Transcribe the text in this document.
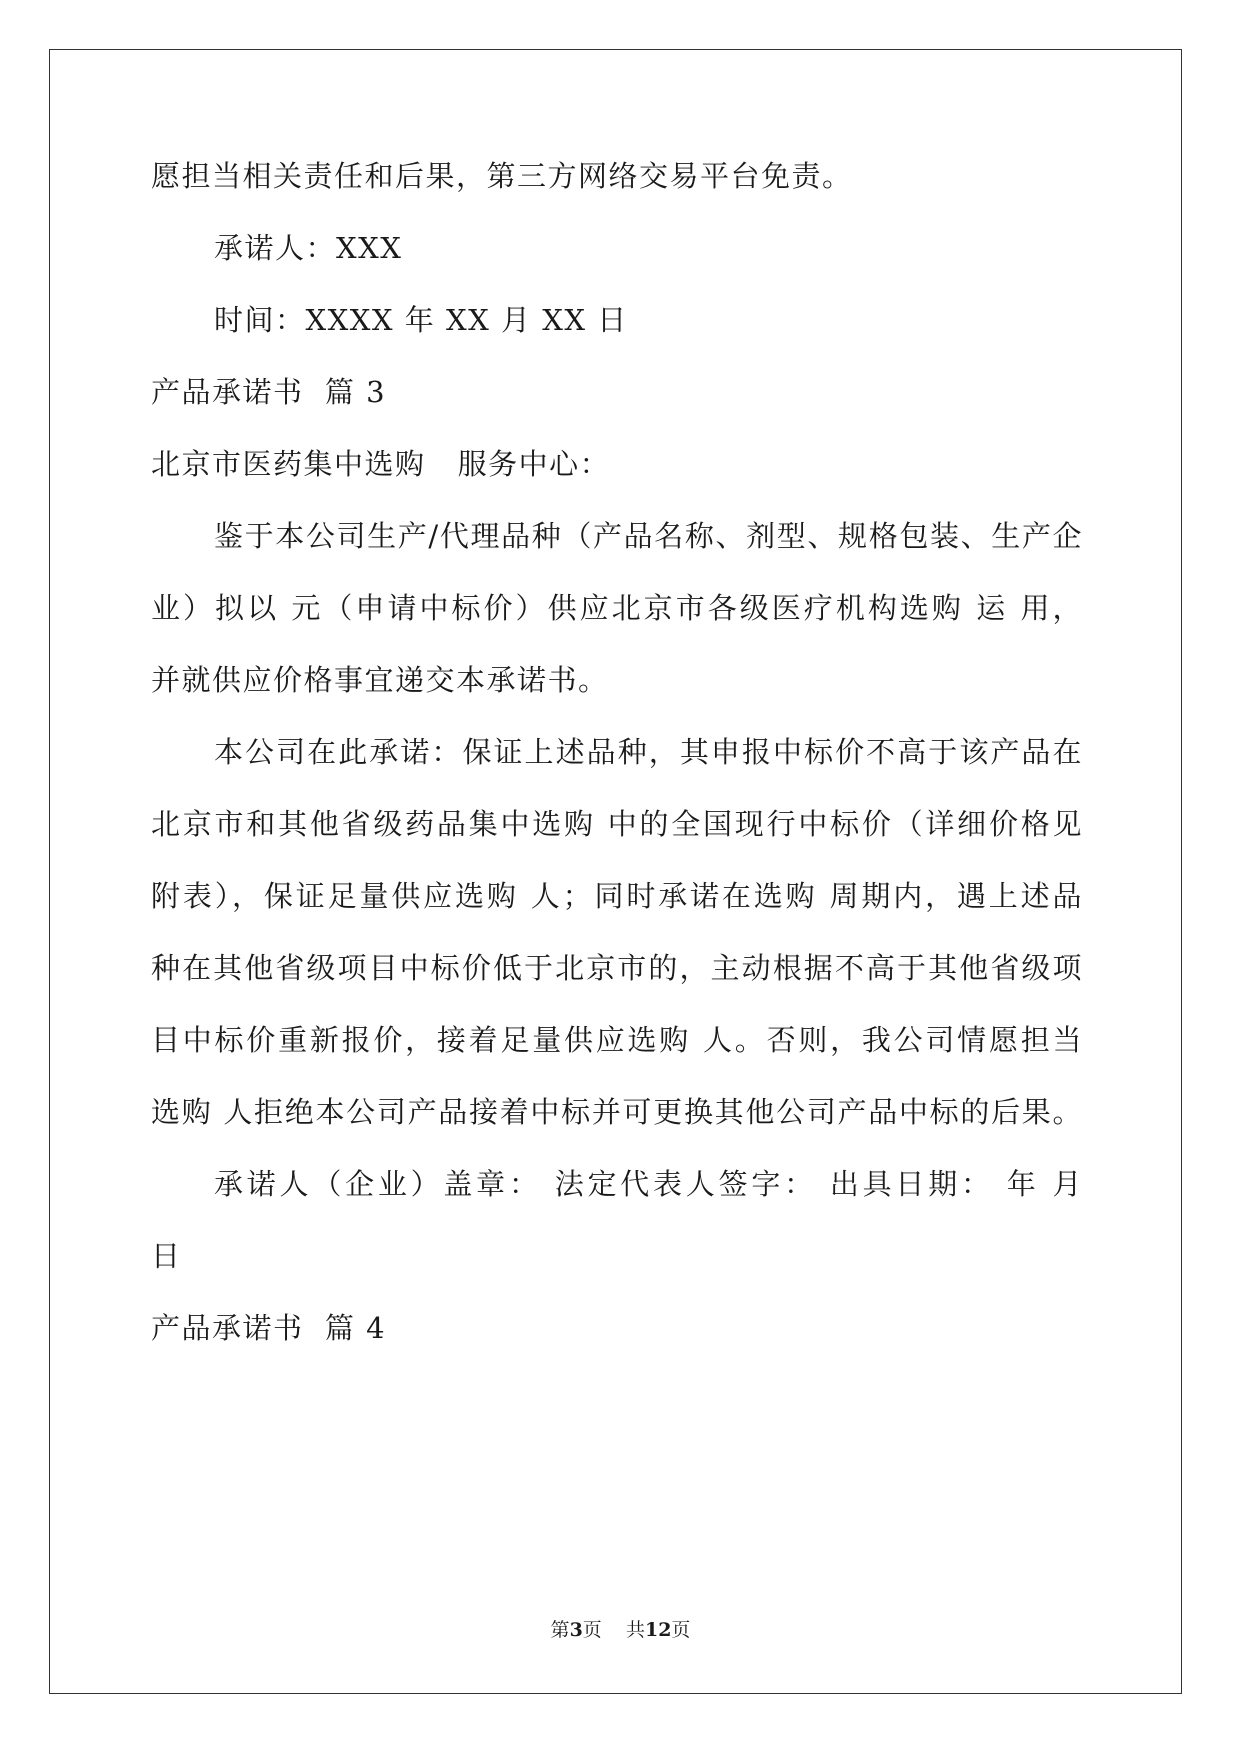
愿担当相关责任和后果，第三方网络交易平台免责。
承诺人：XXX
时间：XXXX 年 XX 月 XX 日
产品承诺书  篇 3
北京市医药集中选购   服务中心：
鉴于本公司生产/代理品种（产品名称、剂型、规格包装、生产企
业）拟以 元（申请中标价）供应北京市各级医疗机构选购 运 用，
并就供应价格事宜递交本承诺书。
本公司在此承诺：保证上述品种，其申报中标价不高于该产品在
北京市和其他省级药品集中选购 中的全国现行中标价（详细价格见
附表），保证足量供应选购 人；同时承诺在选购 周期内，遇上述品
种在其他省级项目中标价低于北京市的，主动根据不高于其他省级项
目中标价重新报价，接着足量供应选购 人。否则，我公司情愿担当
选购 人拒绝本公司产品接着中标并可更换其他公司产品中标的后果。
承诺人（企业）盖章： 法定代表人签字： 出具日期： 年 月
日
产品承诺书  篇 4
第3页    共12页
